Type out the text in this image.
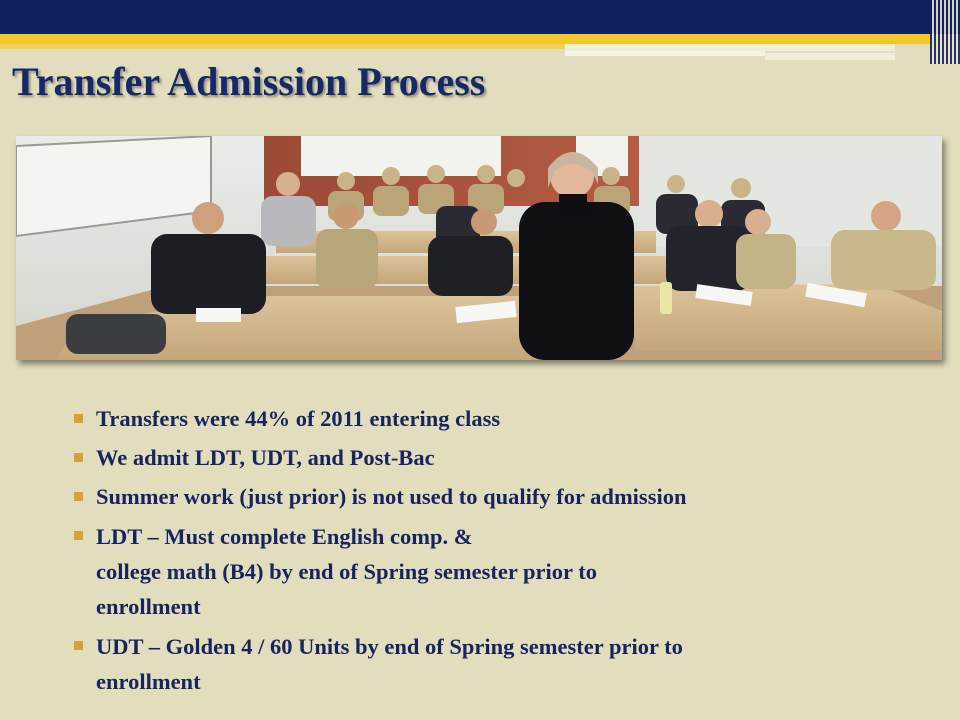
Transfer Admission Process
Transfers were 44% of 2011 entering class
We admit LDT, UDT, and Post-Bac
Summer work (just prior) is not used to qualify for admission
LDT – Must complete English comp. &
college math (B4) by end of Spring semester prior to
enrollment
UDT – Golden 4 / 60 Units by end of Spring semester prior to
enrollment
